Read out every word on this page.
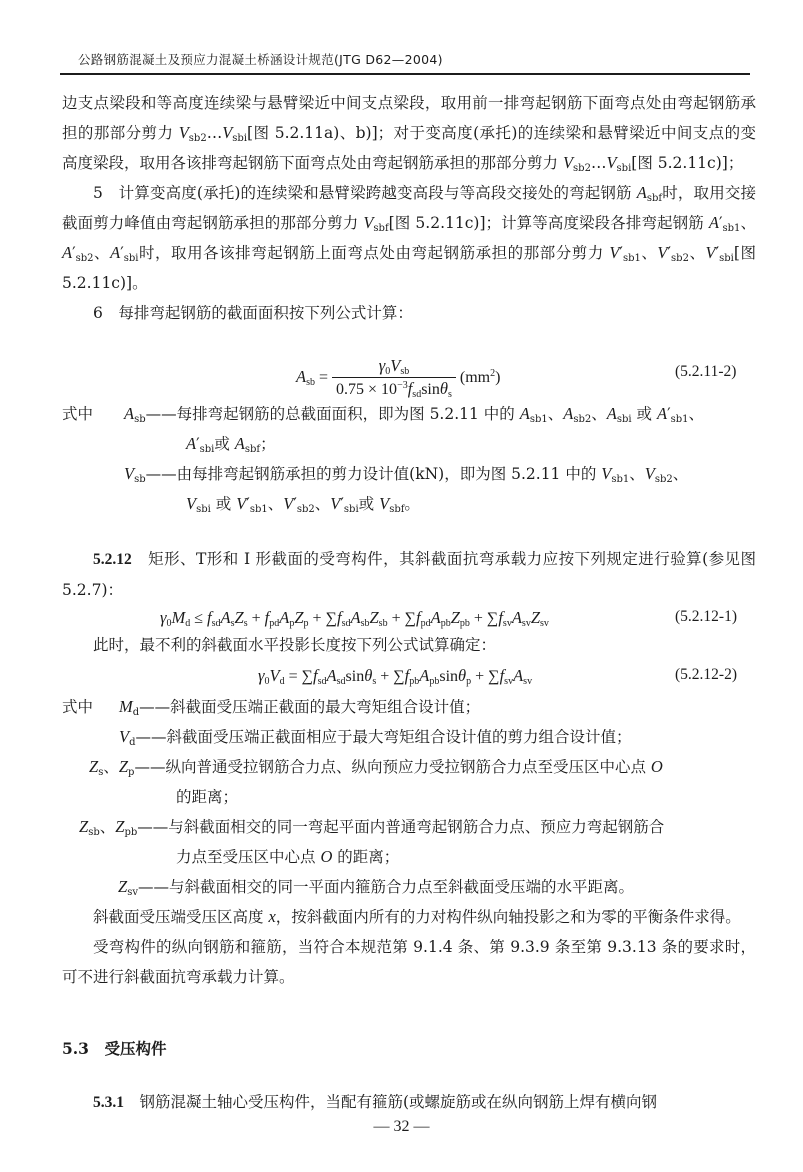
公路钢筋混凝土及预应力混凝土桥涵设计规范(JTG D62—2004)

边支点梁段和等高度连续梁与悬臂梁近中间支点梁段，取用前一排弯起钢筋下面弯点处由弯起钢筋承担的那部分剪力 $V_{sb2}\dots V_{sbi}$[图 5.2.11a)、b)]；对于变高度(承托)的连续梁和悬臂梁近中间支点的变高度梁段，取用各该排弯起钢筋下面弯点处由弯起钢筋承担的那部分剪力 $V_{sb2}\dots V_{sbi}$[图 5.2.11c)]；

5　计算变高度(承托)的连续梁和悬臂梁跨越变高段与等高段交接处的弯起钢筋 $A_{sbf}$时，取用交接截面剪力峰值由弯起钢筋承担的那部分剪力 $V_{sbf}$[图 5.2.11c)]；计算等高度梁段各排弯起钢筋 $A'_{sb1}$、$A'_{sb2}$、$A'_{sbi}$时，取用各该排弯起钢筋上面弯点处由弯起钢筋承担的那部分剪力 $V'_{sb1}$、$V'_{sb2}$、$V'_{sbi}$[图 5.2.11c)]。

6　每排弯起钢筋的截面面积按下列公式计算：

$A_{sb} = \frac{\gamma_0V_{sb}}{0.75 \times 10^{-3}f_{sd}\sin\theta_s} (mm^2)$	(5.2.11-2)
式中 $A_{sb}——$每排弯起钢筋的总截面面积，即为图 5.2.11 中的 $A_{sb1}$、$A_{sb2}$、$A_{sbi}$ 或 $A'_{sb1}$、
$A'_{sbi}$或 $A_{sbf}$；
$V_{sb}——$由每排弯起钢筋承担的剪力设计值(kN)，即为图 5.2.11 中的 $V_{sb1}$、$V_{sb2}$、
$V_{sbi}$ 或 $V'_{sb1}$、$V'_{sb2}$、$V'_{sbi}$或 $V_{sbf}$。

5.2.12　矩形、T形和 I 形截面的受弯构件，其斜截面抗弯承载力应按下列规定进行验算(参见图 5.2.7)：

$\gamma_0M_d \le f_{sd}A_sZ_s + f_{pd}A_pZ_p + \sum f_{sd}A_{sb}Z_{sb} + \sum f_{pd}A_{pb}Z_{pb} + \sum f_{sv}A_{sv}Z_{sv}$	(5.2.12-1)
此时，最不利的斜截面水平投影长度按下列公式试算确定：
$\gamma_0V_d = \sum f_{sd}A_{sd}\sin\theta_s + \sum f_{pb}A_{pb}\sin\theta_p + \sum f_{sv}A_{sv}$	(5.2.12-2)
式中 $M_d——$斜截面受压端正截面的最大弯矩组合设计值；
$V_d——$斜截面受压端正截面相应于最大弯矩组合设计值的剪力组合设计值；
$Z_s$、$Z_p——$纵向普通受拉钢筋合力点、纵向预应力受拉钢筋合力点至受压区中心点 O
的距离；
$Z_{sb}$、$Z_{pb}——$与斜截面相交的同一弯起平面内普通弯起钢筋合力点、预应力弯起钢筋合
力点至受压区中心点 O 的距离；
$Z_{sv}——$与斜截面相交的同一平面内箍筋合力点至斜截面受压端的水平距离。

斜截面受压端受压区高度 x，按斜截面内所有的力对构件纵向轴投影之和为零的平衡条件求得。

受弯构件的纵向钢筋和箍筋，当符合本规范第 9.1.4 条、第 9.3.9 条至第 9.3.13 条的要求时，可不进行斜截面抗弯承载力计算。

5.3　 受压构件

5.3.1　钢筋混凝土轴心受压构件，当配有箍筋(或螺旋筋或在纵向钢筋上焊有横向钢

— 32 —
